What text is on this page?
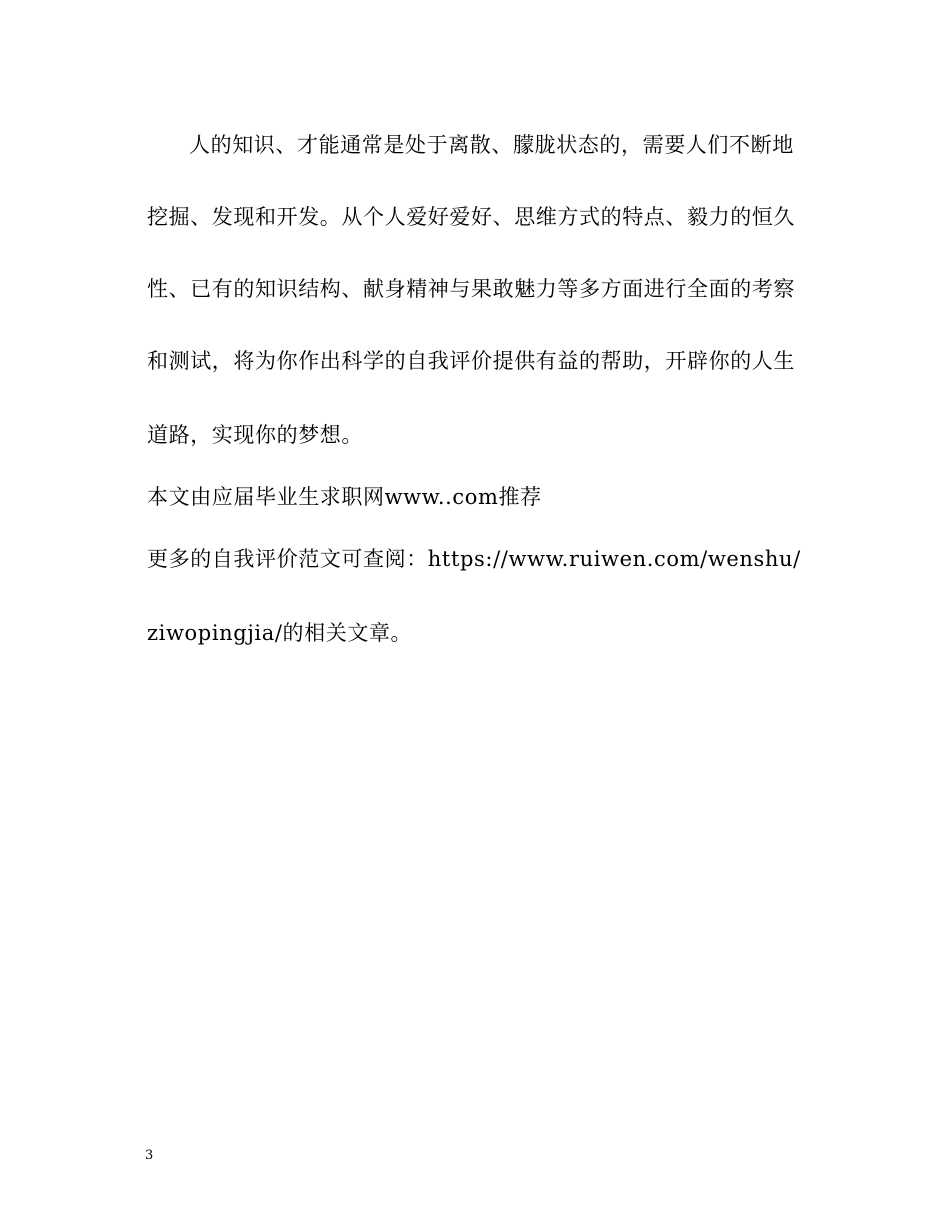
人的知识、才能通常是处于离散、朦胧状态的，需要人们不断地
挖掘、发现和开发。从个人爱好爱好、思维方式的特点、毅力的恒久
性、已有的知识结构、献身精神与果敢魅力等多方面进行全面的考察
和测试，将为你作出科学的自我评价提供有益的帮助，开辟你的人生
道路，实现你的梦想。
本文由应届毕业生求职网www..com推荐
更多的自我评价范文可查阅：https://www.ruiwen.com/wenshu/
ziwopingjia/的相关文章。
3
